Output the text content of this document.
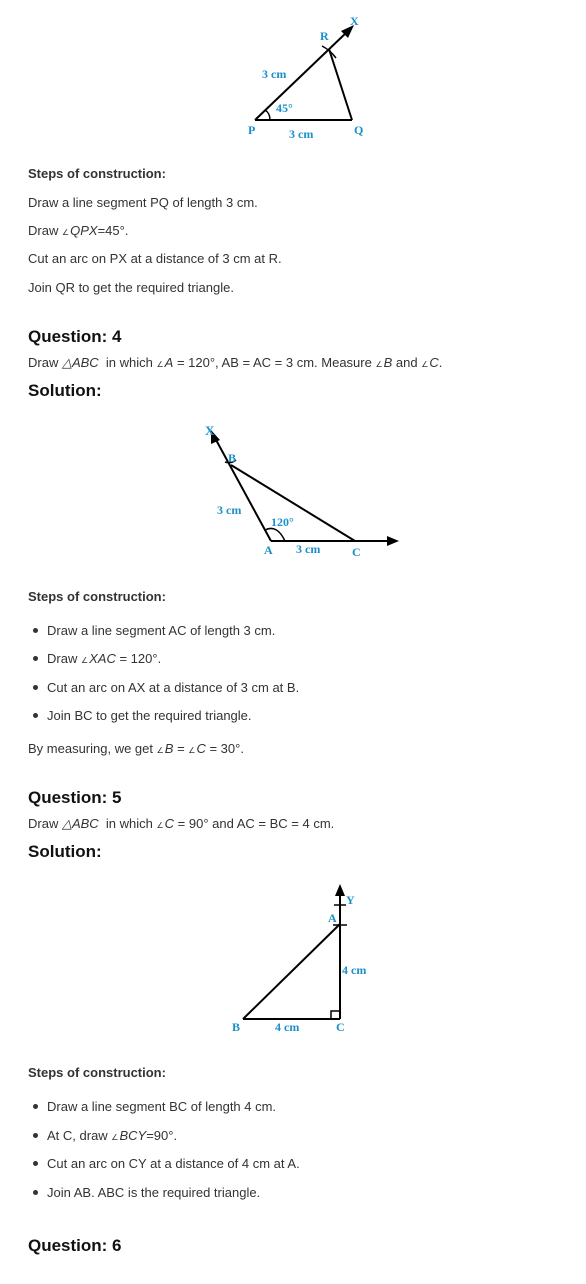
P	Q
R
X
3 cm
3 cm
45°
Steps of construction:
Draw a line segment PQ of length 3 cm.
Draw ∠QPX=45°.
Cut an arc on PX at a distance of 3 cm at R.
Join QR to get the required triangle.
Question: 4
Draw △ABC  in which ∠A = 120°, AB = AC = 3 cm. Measure ∠B and ∠C.
Solution:
X
B
A	C
3 cm
3 cm
120°
Steps of construction:
Draw a line segment AC of length 3 cm.
Draw ∠XAC = 120°.
Cut an arc on AX at a distance of 3 cm at B.
Join BC to get the required triangle.
By measuring, we get ∠B = ∠C = 30°.
Question: 5
Draw △ABC  in which ∠C = 90° and AC = BC = 4 cm.
Solution:
Y
A
B	C
4 cm
4 cm
Steps of construction:
Draw a line segment BC of length 4 cm.
At C, draw ∠BCY=90°.
Cut an arc on CY at a distance of 4 cm at A.
Join AB. ABC is the required triangle.
Question: 6
